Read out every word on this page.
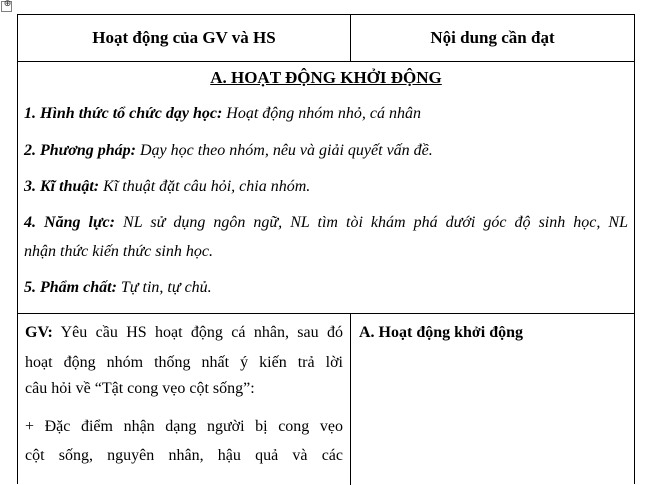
⊕
Hoạt động của GV và HS	Nội dung cần đạt
A. HOẠT ĐỘNG KHỞI ĐỘNG
1. Hình thức tổ chức dạy học: Hoạt động nhóm nhỏ, cá nhân
2. Phương pháp: Dạy học theo nhóm, nêu và giải quyết vấn đề.
3. Kĩ thuật: Kĩ thuật đặt câu hỏi, chia nhóm.
4. Năng lực: NL sử dụng ngôn ngữ, NL tìm tòi khám phá dưới góc độ sinh học, NL
nhận thức kiến thức sinh học.
5. Phẩm chất: Tự tin, tự chủ.
GV: Yêu cầu HS hoạt động cá nhân, sau đó
hoạt động nhóm thống nhất ý kiến trả lời
câu hỏi về “Tật cong vẹo cột sống”:
+ Đặc điểm nhận dạng người bị cong vẹo
cột sống, nguyên nhân, hậu quả và các
A. Hoạt động khởi động
